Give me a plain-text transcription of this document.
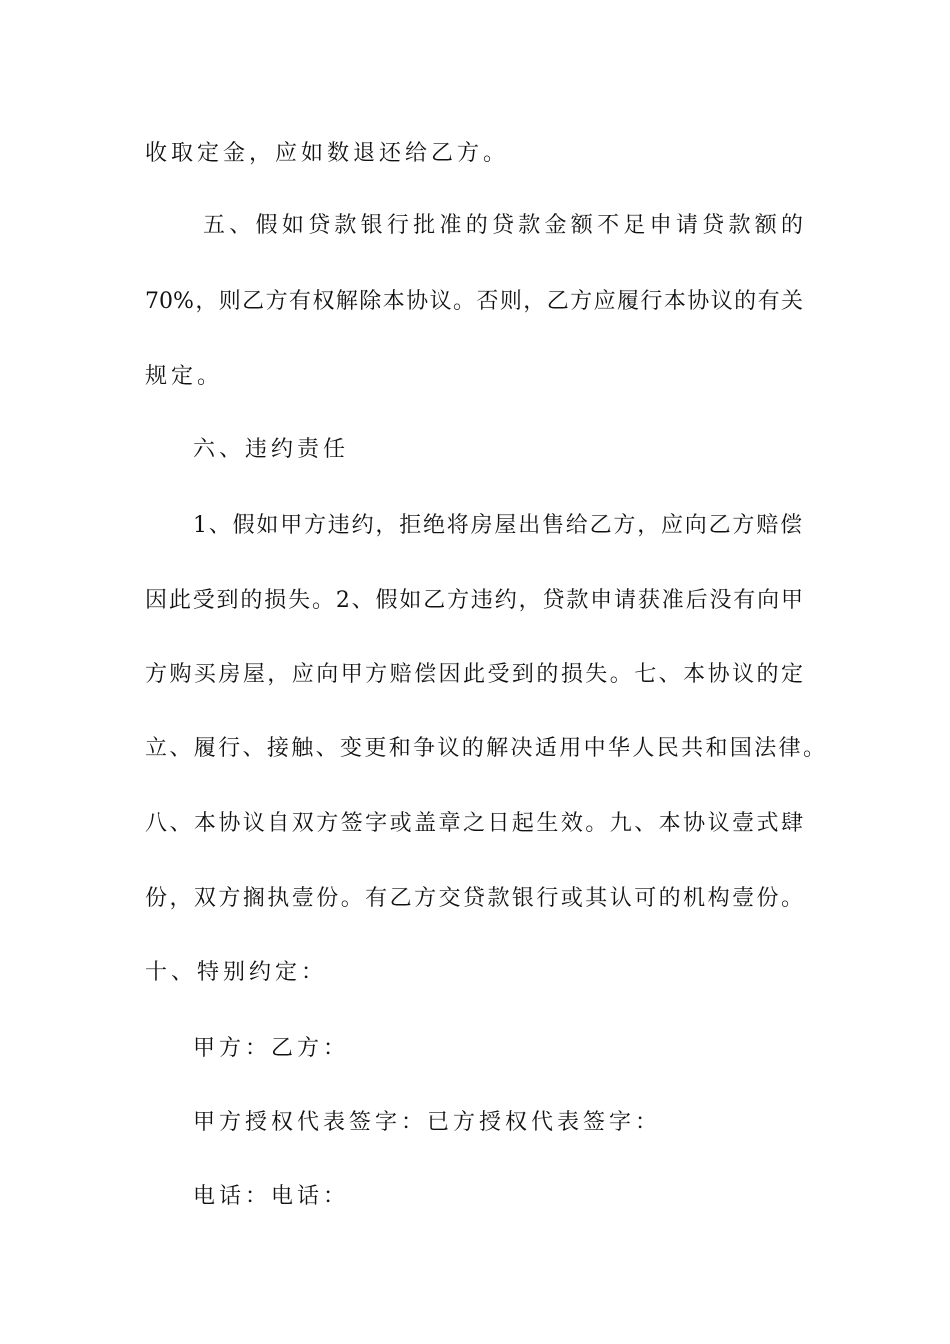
收取定金，应如数退还给乙方。
五、假如贷款银行批准的贷款金额不足申请贷款额的
70%，则乙方有权解除本协议。否则，乙方应履行本协议的有关
规定。
六、违约责任
1、假如甲方违约，拒绝将房屋出售给乙方，应向乙方赔偿
因此受到的损失。2、假如乙方违约，贷款申请获准后没有向甲
方购买房屋，应向甲方赔偿因此受到的损失。七、本协议的定
立、履行、接触、变更和争议的解决适用中华人民共和国法律。
八、本协议自双方签字或盖章之日起生效。九、本协议壹式肆
份，双方搁执壹份。有乙方交贷款银行或其认可的机构壹份。
十、特别约定：
甲方：乙方：
甲方授权代表签字：已方授权代表签字：
电话：电话：
